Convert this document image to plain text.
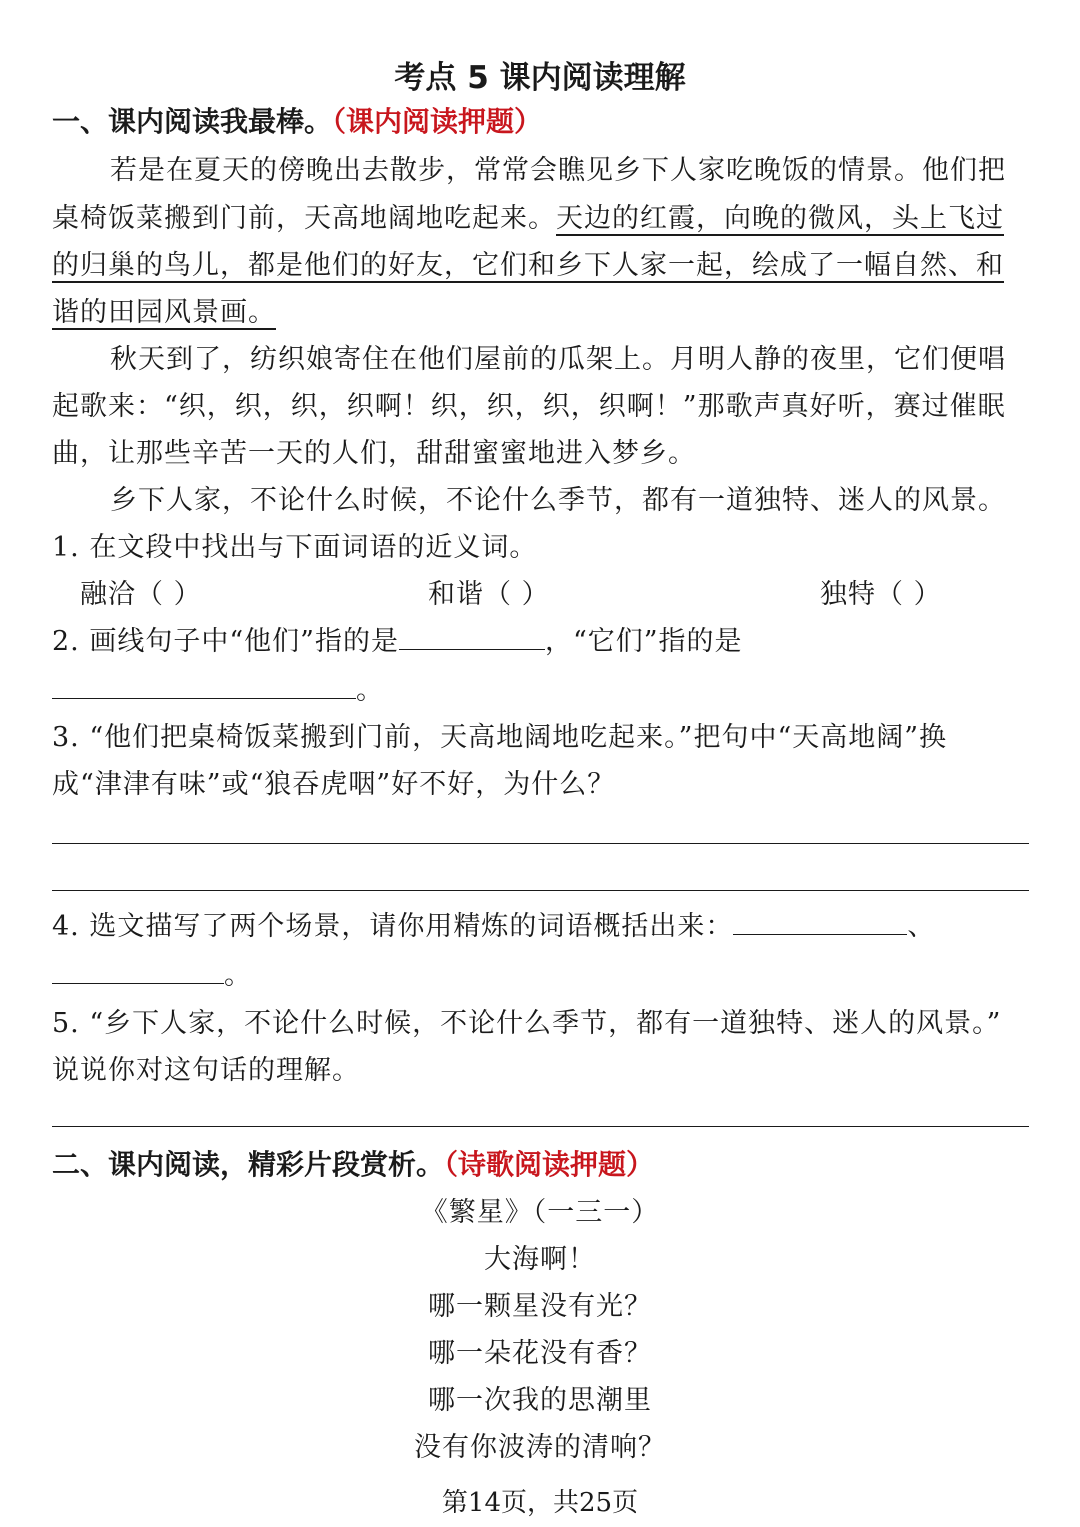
考点 5 课内阅读理解
一、课内阅读我最棒。（课内阅读押题）
若是在夏天的傍晚出去散步，常常会瞧见乡下人家吃晚饭的情景。他们把
桌椅饭菜搬到门前，天高地阔地吃起来。天边的红霞，向晚的微风，头上飞过
的归巢的鸟儿，都是他们的好友，它们和乡下人家一起，绘成了一幅自然、和
谐的田园风景画。
秋天到了，纺织娘寄住在他们屋前的瓜架上。月明人静的夜里，它们便唱
起歌来：“织，织，织，织啊！织，织，织，织啊！”那歌声真好听，赛过催眠
曲，让那些辛苦一天的人们，甜甜蜜蜜地进入梦乡。
乡下人家，不论什么时候，不论什么季节，都有一道独特、迷人的风景。
1. 在文段中找出与下面词语的近义词。
融洽（ ）	和谐（ ）	独特（ ）
2. 画线句子中“他们”指的是	，“它们”指的是
。
3. “他们把桌椅饭菜搬到门前，天高地阔地吃起来。”把句中“天高地阔”换
成“津津有味”或“狼吞虎咽”好不好，为什么？
4. 选文描写了两个场景，请你用精炼的词语概括出来：	、
。
5. “乡下人家，不论什么时候，不论什么季节，都有一道独特、迷人的风景。”
说说你对这句话的理解。
二、课内阅读，精彩片段赏析。（诗歌阅读押题）
《繁星》（一三一）
大海啊！
哪一颗星没有光？
哪一朵花没有香？
哪一次我的思潮里
没有你波涛的清响？
第14页，共25页
